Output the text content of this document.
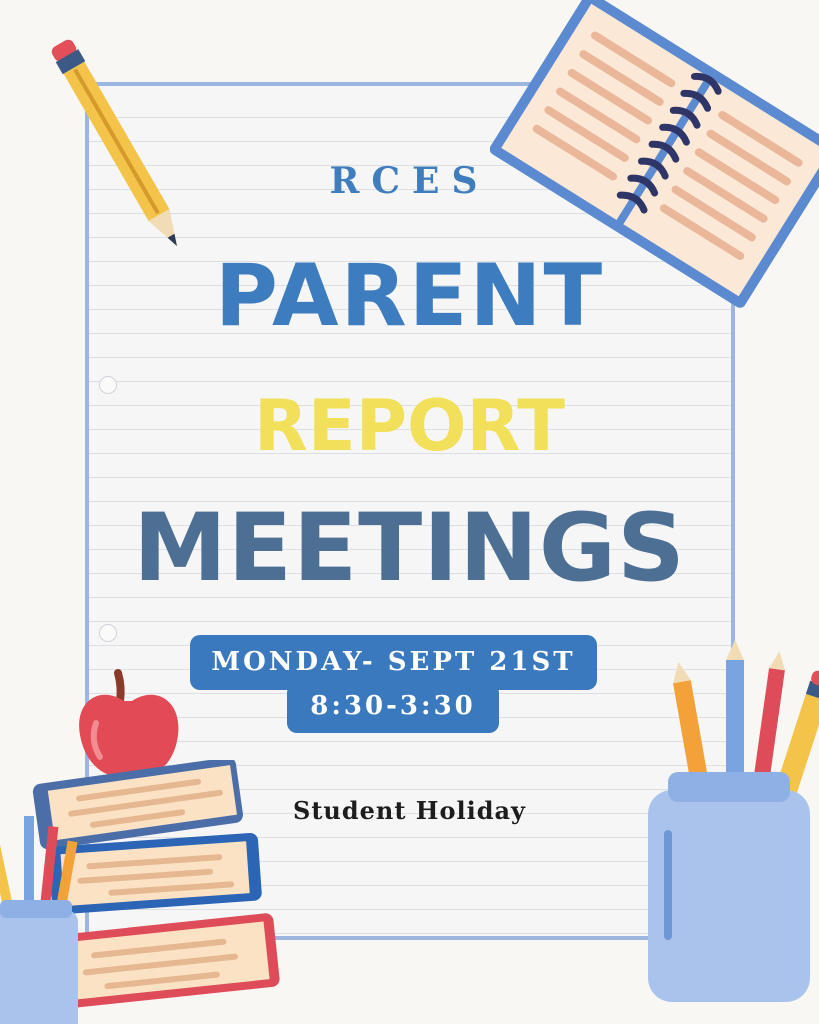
RCES
PARENT
REPORT
MEETINGS
8:30-3:30
MONDAY- SEPT 21ST
Student Holiday
